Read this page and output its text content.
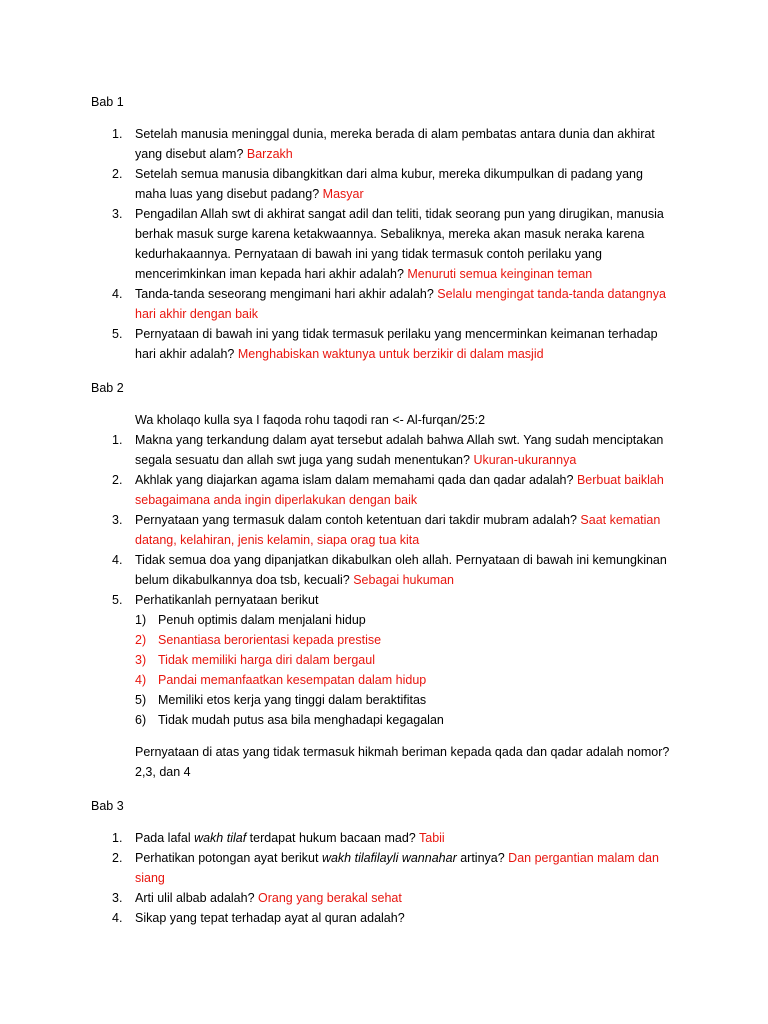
Bab 1
1.	Setelah manusia meninggal dunia, mereka berada di alam pembatas antara dunia dan akhirat
yang disebut alam? Barzakh
2.	Setelah semua manusia dibangkitkan dari alma kubur, mereka dikumpulkan di padang yang
maha luas yang disebut padang? Masyar
3.	Pengadilan Allah swt di akhirat sangat adil dan teliti, tidak seorang pun yang dirugikan, manusia
berhak masuk surge karena ketakwaannya. Sebaliknya, mereka akan masuk neraka karena
kedurhakaannya. Pernyataan di bawah ini yang tidak termasuk contoh perilaku yang
mencerimkinkan iman kepada hari akhir adalah? Menuruti semua keinginan teman
4.	Tanda-tanda seseorang mengimani hari akhir adalah? Selalu mengingat tanda-tanda datangnya
hari akhir dengan baik
5.	Pernyataan di bawah ini yang tidak termasuk perilaku yang mencerminkan keimanan terhadap
hari akhir adalah? Menghabiskan waktunya untuk berzikir di dalam masjid
Bab 2
Wa kholaqo kulla sya I faqoda rohu taqodi ran <- Al-furqan/25:2
1.	Makna yang terkandung dalam ayat tersebut adalah bahwa Allah swt. Yang sudah menciptakan
segala sesuatu dan allah swt juga yang sudah menentukan? Ukuran-ukurannya
2.	Akhlak yang diajarkan agama islam dalam memahami qada dan qadar adalah? Berbuat baiklah
sebagaimana anda ingin diperlakukan dengan baik
3.	Pernyataan yang termasuk dalam contoh ketentuan dari takdir mubram adalah? Saat kematian
datang, kelahiran, jenis kelamin, siapa orag tua kita
4.	Tidak semua doa yang dipanjatkan dikabulkan oleh allah. Pernyataan di bawah ini kemungkinan
belum dikabulkannya doa tsb, kecuali? Sebagai hukuman
5.	Perhatikanlah pernyataan berikut
1) Penuh optimis dalam menjalani hidup
2) Senantiasa berorientasi kepada prestise
3) Tidak memiliki harga diri dalam bergaul
4) Pandai memanfaatkan kesempatan dalam hidup
5) Memiliki etos kerja yang tinggi dalam beraktifitas
6) Tidak mudah putus asa bila menghadapi kegagalan
Pernyataan di atas yang tidak termasuk hikmah beriman kepada qada dan qadar adalah nomor?
2,3, dan 4
Bab 3
1.	Pada lafal wakh tilaf terdapat hukum bacaan mad? Tabii
2.	Perhatikan potongan ayat berikut wakh tilafilayli wannahar artinya? Dan pergantian malam dan
siang
3.	Arti ulil albab adalah? Orang yang berakal sehat
4.	Sikap yang tepat terhadap ayat al quran adalah?
